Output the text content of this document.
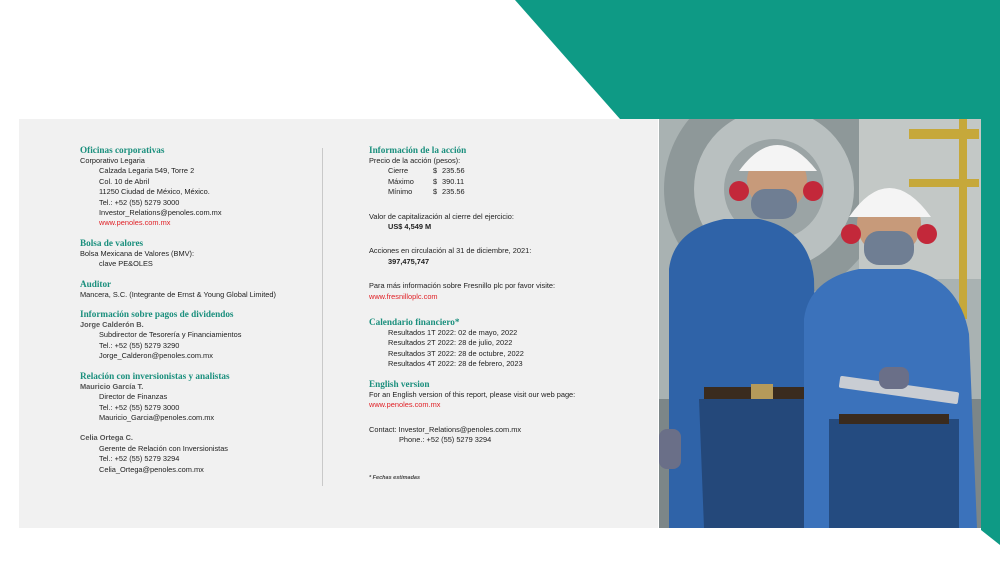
Oficinas corporativas
Corporativo Legaria
Calzada Legaria 549, Torre 2
Col. 10 de Abril
11250 Ciudad de México, México.
Tel.: +52 (55) 5279 3000
Investor_Relations@penoles.com.mx
www.penoles.com.mx
Bolsa de valores
Bolsa Mexicana de Valores (BMV):
clave PE&OLES
Auditor
Mancera, S.C. (Integrante de Ernst & Young Global Limited)
Información sobre pagos de dividendos
Jorge Calderón B.
Subdirector de Tesorería y Financiamientos
Tel.: +52 (55) 5279 3290
Jorge_Calderon@penoles.com.mx
Relación con inversionistas y analistas
Mauricio García T.
Director de Finanzas
Tel.: +52 (55) 5279 3000
Mauricio_Garcia@penoles.com.mx
Celia Ortega C.
Gerente de Relación con Inversionistas
Tel.: +52 (55) 5279 3294
Celia_Ortega@penoles.com.mx
Información de la acción
Precio de la acción (pesos):
Cierre	$ 235.56
Máximo	$ 390.11
Mínimo	$ 235.56
Valor de capitalización al cierre del ejercicio:
US$ 4,549 M
Acciones en circulación al 31 de diciembre, 2021:
397,475,747
Para más información sobre Fresnillo plc por favor visite:
www.fresnilloplc.com
Calendario financiero*
Resultados 1T 2022: 02 de mayo, 2022
Resultados 2T 2022: 28 de julio, 2022
Resultados 3T 2022: 28 de octubre, 2022
Resultados 4T 2022: 28 de febrero, 2023
English version
For an English version of this report, please visit our web page:
www.penoles.com.mx
Contact: Investor_Relations@penoles.com.mx
Phone.: +52 (55) 5279 3294
* Fechas estimadas
